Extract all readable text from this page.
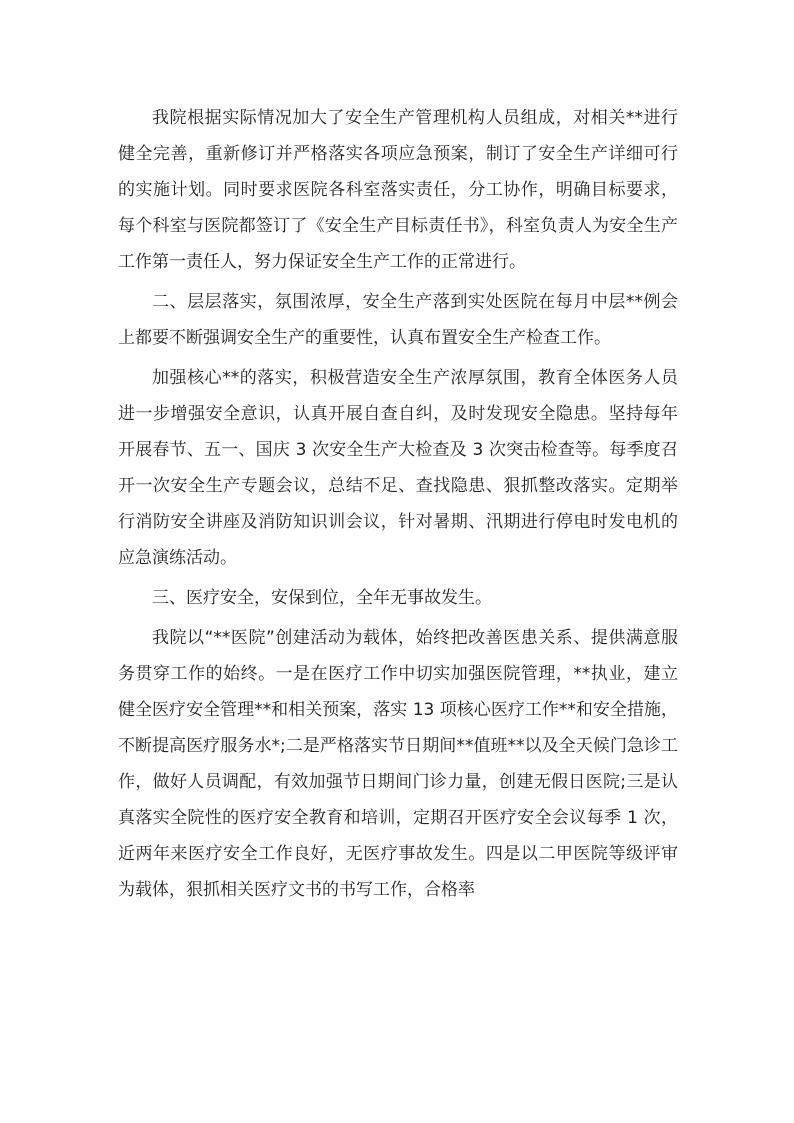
我院根据实际情况加大了安全生产管理机构人员组成，对相关**进行健全完善，重新修订并严格落实各项应急预案，制订了安全生产详细可行的实施计划。同时要求医院各科室落实责任，分工协作，明确目标要求，每个科室与医院都签订了《安全生产目标责任书》，科室负责人为安全生产工作第一责任人，努力保证安全生产工作的正常进行。

二、层层落实，氛围浓厚，安全生产落到实处医院在每月中层**例会上都要不断强调安全生产的重要性，认真布置安全生产检查工作。

加强核心**的落实，积极营造安全生产浓厚氛围，教育全体医务人员进一步增强安全意识，认真开展自查自纠，及时发现安全隐患。坚持每年开展春节、五一、国庆 3 次安全生产大检查及 3 次突击检查等。每季度召开一次安全生产专题会议，总结不足、查找隐患、狠抓整改落实。定期举行消防安全讲座及消防知识训会议，针对暑期、汛期进行停电时发电机的应急演练活动。

三、医疗安全，安保到位，全年无事故发生。

我院以“**医院”创建活动为载体，始终把改善医患关系、提供满意服务贯穿工作的始终。一是在医疗工作中切实加强医院管理，**执业，建立健全医疗安全管理**和相关预案，落实 13 项核心医疗工作**和安全措施，不断提高医疗服务水*;二是严格落实节日期间**值班**以及全天候门急诊工作，做好人员调配，有效加强节日期间门诊力量，创建无假日医院;三是认真落实全院性的医疗安全教育和培训，定期召开医疗安全会议每季 1 次，近两年来医疗安全工作良好，无医疗事故发生。四是以二甲医院等级评审为载体，狠抓相关医疗文书的书写工作，合格率
